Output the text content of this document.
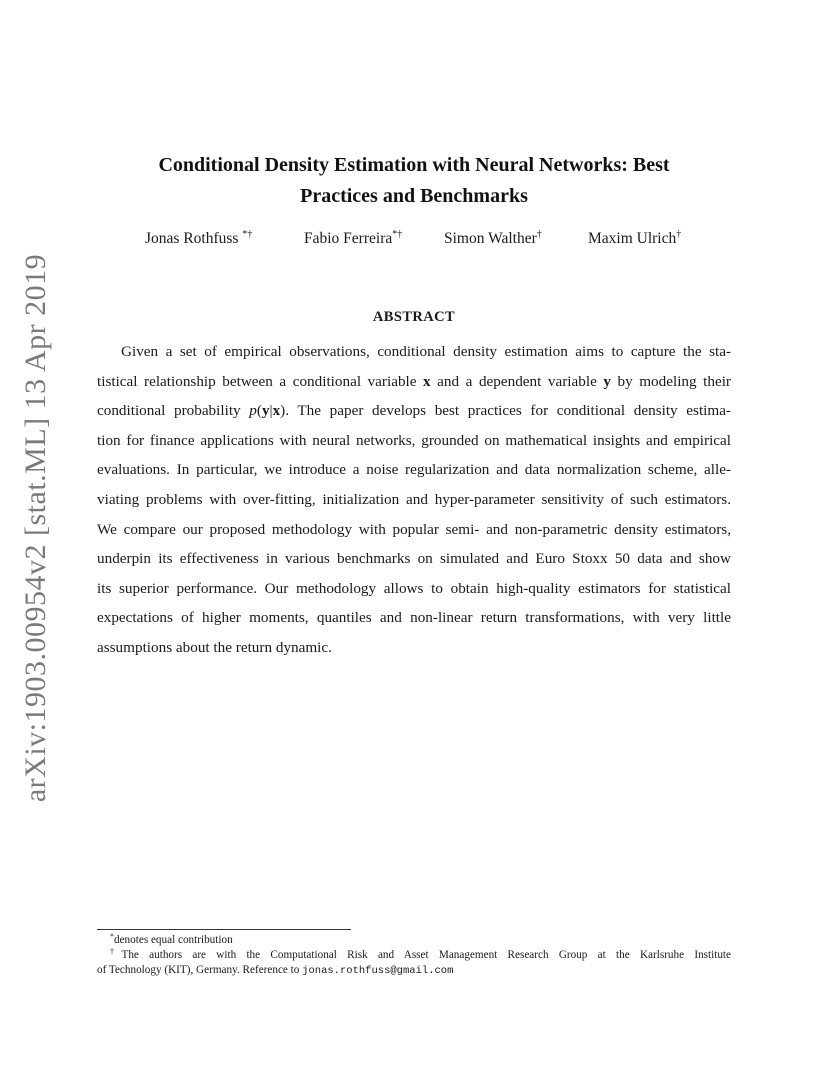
arXiv:1903.00954v2 [stat.ML] 13 Apr 2019
Conditional Density Estimation with Neural Networks: Best
Practices and Benchmarks
Jonas Rothfuss *†	Fabio Ferreira*†	Simon Walther†	Maxim Ulrich†
ABSTRACT
Given a set of empirical observations, conditional density estimation aims to capture the sta-
tistical relationship between a conditional variable x and a dependent variable y by modeling their
conditional probability p(y|x). The paper develops best practices for conditional density estima-
tion for finance applications with neural networks, grounded on mathematical insights and empirical
evaluations. In particular, we introduce a noise regularization and data normalization scheme, alle-
viating problems with over-fitting, initialization and hyper-parameter sensitivity of such estimators.
We compare our proposed methodology with popular semi- and non-parametric density estimators,
underpin its effectiveness in various benchmarks on simulated and Euro Stoxx 50 data and show
its superior performance. Our methodology allows to obtain high-quality estimators for statistical
expectations of higher moments, quantiles and non-linear return transformations, with very little
assumptions about the return dynamic.
*denotes equal contribution
†The authors are with the Computational Risk and Asset Management Research Group at the Karlsruhe Institute
of Technology (KIT), Germany. Reference to jonas.rothfuss@gmail.com
